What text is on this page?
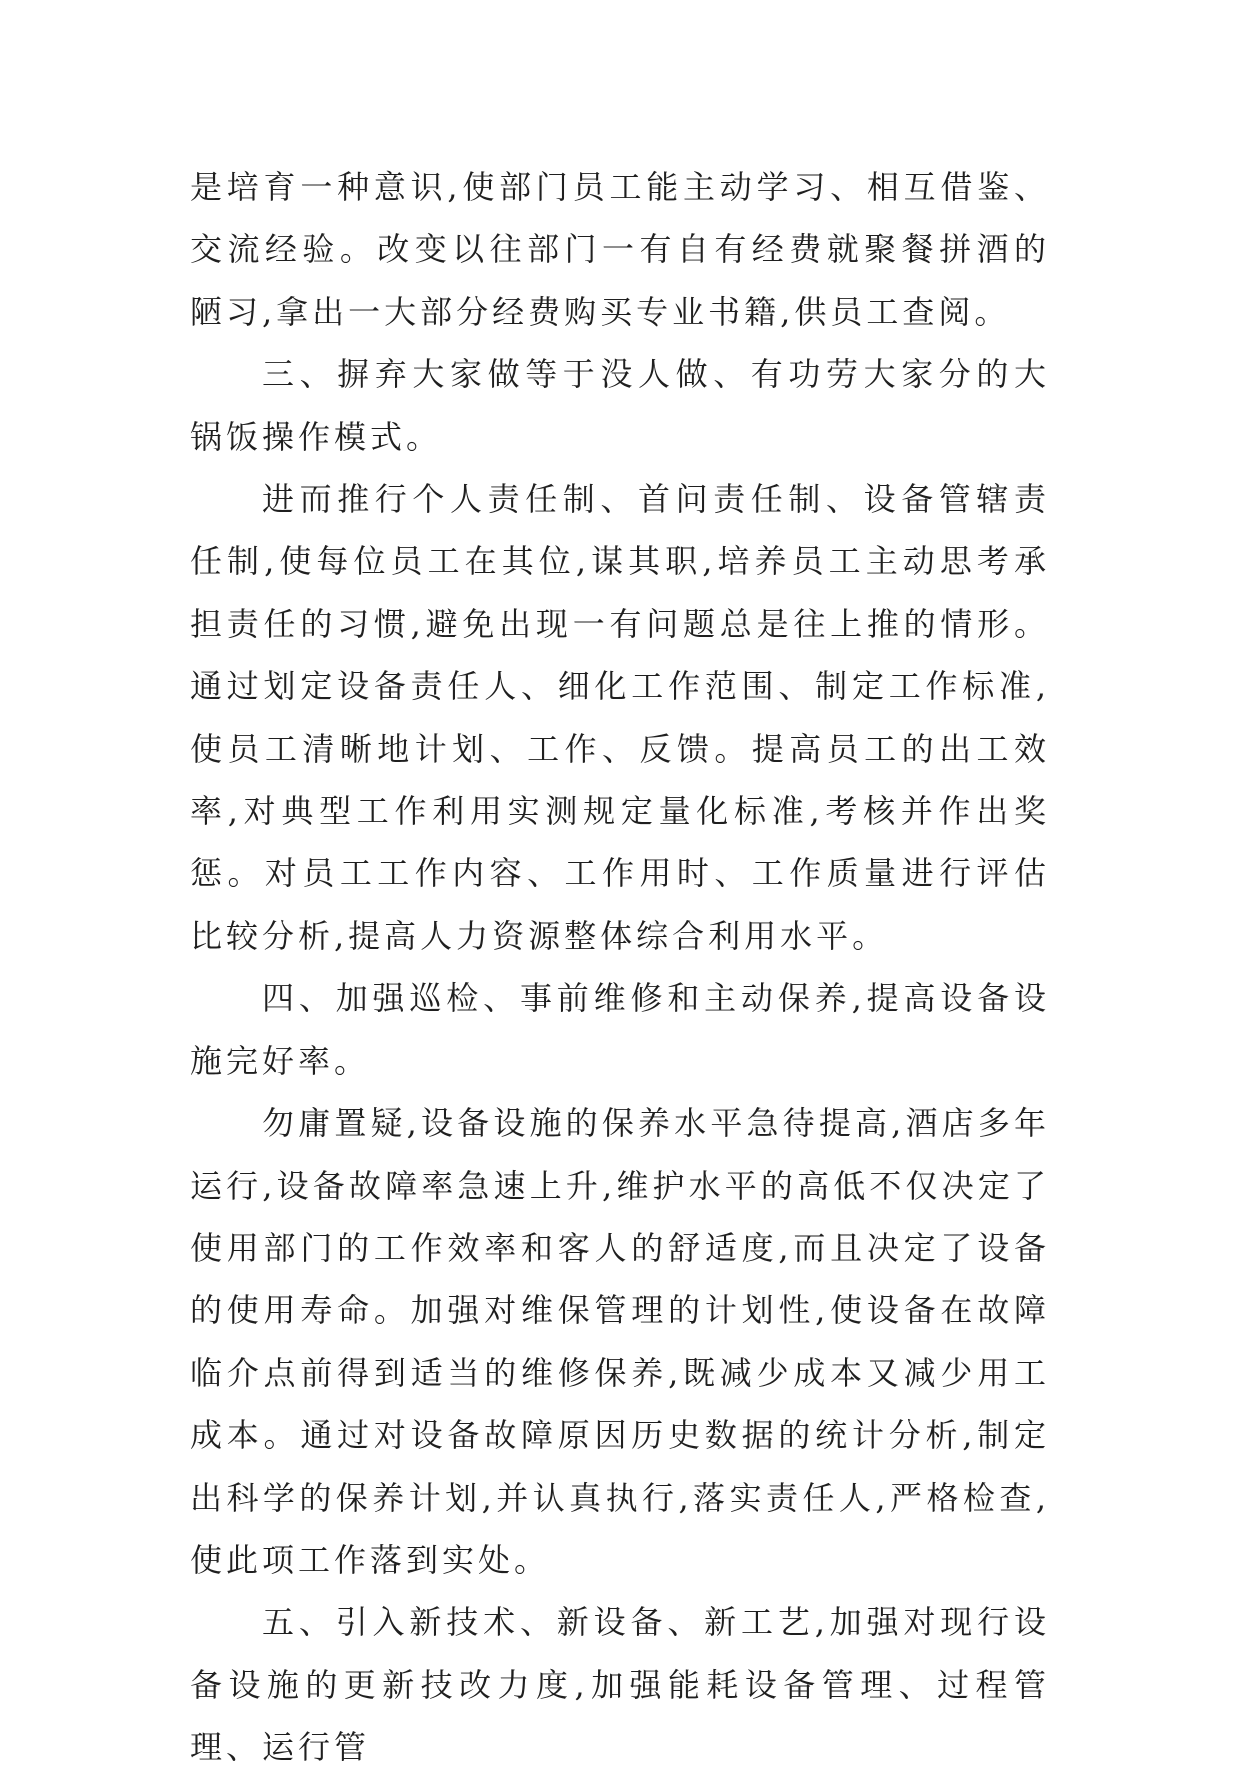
是培育一种意识,使部门员工能主动学习、相互借鉴、交流经验。改变以往部门一有自有经费就聚餐拼酒的陋习,拿出一大部分经费购买专业书籍,供员工查阅。

三、摒弃大家做等于没人做、有功劳大家分的大锅饭操作模式。

进而推行个人责任制、首问责任制、设备管辖责任制,使每位员工在其位,谋其职,培养员工主动思考承担责任的习惯,避免出现一有问题总是往上推的情形。通过划定设备责任人、细化工作范围、制定工作标准,使员工清晰地计划、工作、反馈。提高员工的出工效率,对典型工作利用实测规定量化标准,考核并作出奖惩。对员工工作内容、工作用时、工作质量进行评估比较分析,提高人力资源整体综合利用水平。

四、加强巡检、事前维修和主动保养,提高设备设施完好率。

勿庸置疑,设备设施的保养水平急待提高,酒店多年运行,设备故障率急速上升,维护水平的高低不仅决定了使用部门的工作效率和客人的舒适度,而且决定了设备的使用寿命。加强对维保管理的计划性,使设备在故障临介点前得到适当的维修保养,既减少成本又减少用工成本。通过对设备故障原因历史数据的统计分析,制定出科学的保养计划,并认真执行,落实责任人,严格检查,使此项工作落到实处。

五、引入新技术、新设备、新工艺,加强对现行设备设施的更新技改力度,加强能耗设备管理、过程管理、运行管
